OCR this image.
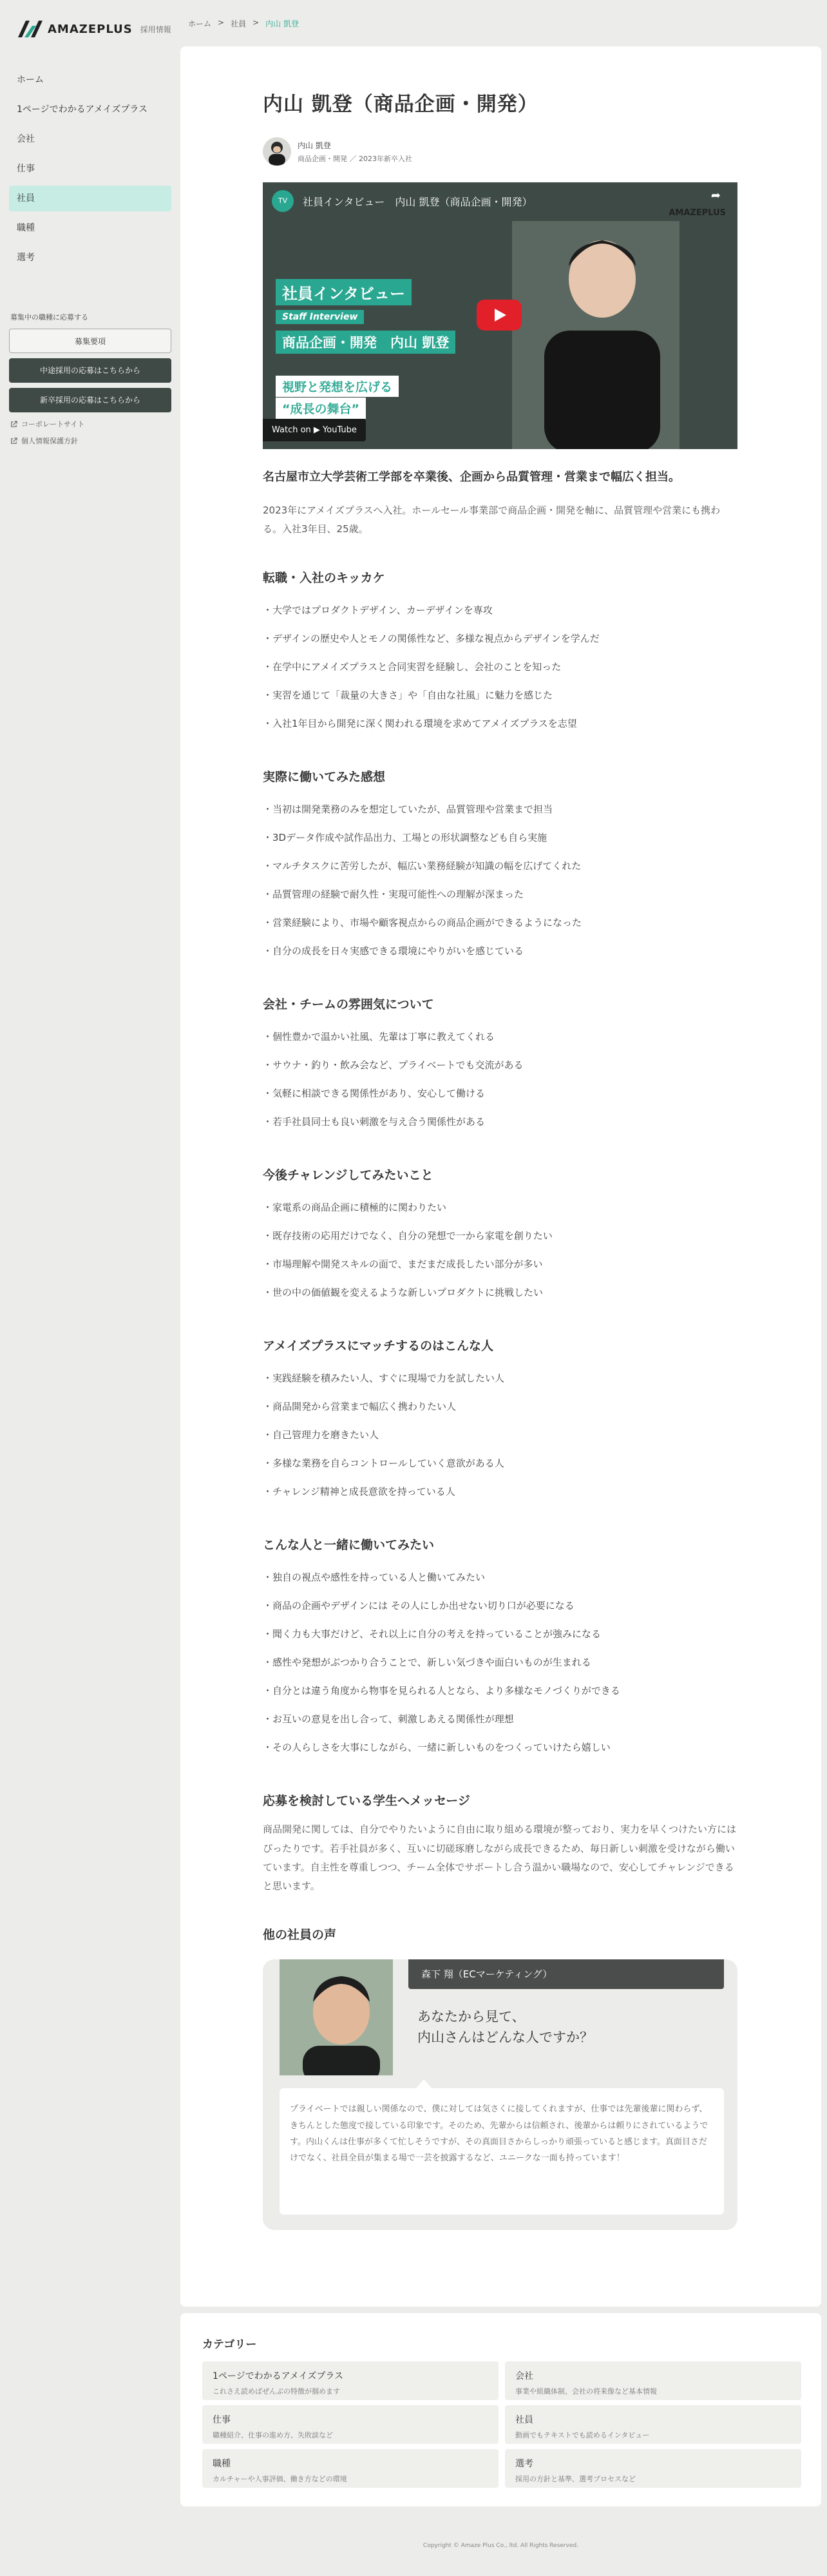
AMAZEPLUS 採用情報
ホーム
1ページでわかるアメイズプラス
会社
仕事
社員
職種
選考
募集中の職種に応募する
募集要項
中途採用の応募はこちらから
新卒採用の応募はこちらから
コーポレートサイト
個人情報保護方針
ホーム > 社員 > 内山 凱登
内山 凱登（商品企画・開発）
内山 凱登
商品企画・開発 ／ 2023年新卒入社
TV	社員インタビュー　内山 凱登（商品企画・開発）	➦
AMAZEPLUS
社員インタビュー
Staff Interview
商品企画・開発　内山 凱登
視野と発想を広げる
“成長の舞台”
Watch on ▶ YouTube

名古屋市立大学芸術工学部を卒業後、企画から品質管理・営業まで幅広く担当。

2023年にアメイズプラスへ入社。ホールセール事業部で商品企画・開発を軸に、品質管理や営業にも携わる。入社3年目、25歳。

転職・入社のキッカケ
・大学ではプロダクトデザイン、カーデザインを専攻
・デザインの歴史や人とモノの関係性など、多様な視点からデザインを学んだ
・在学中にアメイズプラスと合同実習を経験し、会社のことを知った
・実習を通じて「裁量の大きさ」や「自由な社風」に魅力を感じた
・入社1年目から開発に深く関われる環境を求めてアメイズプラスを志望
実際に働いてみた感想
・当初は開発業務のみを想定していたが、品質管理や営業まで担当
・3Dデータ作成や試作品出力、工場との形状調整なども自ら実施
・マルチタスクに苦労したが、幅広い業務経験が知識の幅を広げてくれた
・品質管理の経験で耐久性・実現可能性への理解が深まった
・営業経験により、市場や顧客視点からの商品企画ができるようになった
・自分の成長を日々実感できる環境にやりがいを感じている
会社・チームの雰囲気について
・個性豊かで温かい社風、先輩は丁寧に教えてくれる
・サウナ・釣り・飲み会など、プライベートでも交流がある
・気軽に相談できる関係性があり、安心して働ける
・若手社員同士も良い刺激を与え合う関係性がある
今後チャレンジしてみたいこと
・家電系の商品企画に積極的に関わりたい
・既存技術の応用だけでなく、自分の発想で一から家電を創りたい
・市場理解や開発スキルの面で、まだまだ成長したい部分が多い
・世の中の価値観を変えるような新しいプロダクトに挑戦したい
アメイズプラスにマッチするのはこんな人
・実践経験を積みたい人、すぐに現場で力を試したい人
・商品開発から営業まで幅広く携わりたい人
・自己管理力を磨きたい人
・多様な業務を自らコントロールしていく意欲がある人
・チャレンジ精神と成長意欲を持っている人
こんな人と一緒に働いてみたい
・独自の視点や感性を持っている人と働いてみたい
・商品の企画やデザインには その人にしか出せない切り口が必要になる
・聞く力も大事だけど、それ以上に自分の考えを持っていることが強みになる
・感性や発想がぶつかり合うことで、新しい気づきや面白いものが生まれる
・自分とは違う角度から物事を見られる人となら、より多様なモノづくりができる
・お互いの意見を出し合って、刺激しあえる関係性が理想
・その人らしさを大事にしながら、一緒に新しいものをつくっていけたら嬉しい
応募を検討している学生へメッセージ

商品開発に関しては、自分でやりたいように自由に取り組める環境が整っており、実力を早くつけたい方にはぴったりです。若手社員が多く、互いに切磋琢磨しながら成長できるため、毎日新しい刺激を受けながら働いています。自主性を尊重しつつ、チーム全体でサポートし合う温かい職場なので、安心してチャレンジできると思います。

他の社員の声
森下 翔（ECマーケティング）
あなたから見て、
内山さんはどんな人ですか？
プライベートでは親しい関係なので、僕に対しては気さくに接してくれますが、仕事では先輩後輩に関わらず、きちんとした態度で接している印象です。そのため、先輩からは信頼され、後輩からは頼りにされているようです。内山くんは仕事が多くて忙しそうですが、その真面目さからしっかり頑張っていると感じます。真面目さだけでなく、社員全員が集まる場で一芸を披露するなど、ユニークな一面も持っています！
カテゴリー
1ページでわかるアメイズプラス
これさえ読めばぜんぶの特徴が掴めます
会社
事業や組織体制、会社の将来像など基本情報
仕事
職種紹介、仕事の進め方、失敗談など
社員
動画でもテキストでも読めるインタビュー
職種
カルチャーや人事評価、働き方などの環境
選考
採用の方針と基準、選考プロセスなど
Copyright © Amaze Plus Co., ltd. All Rights Reserved.
